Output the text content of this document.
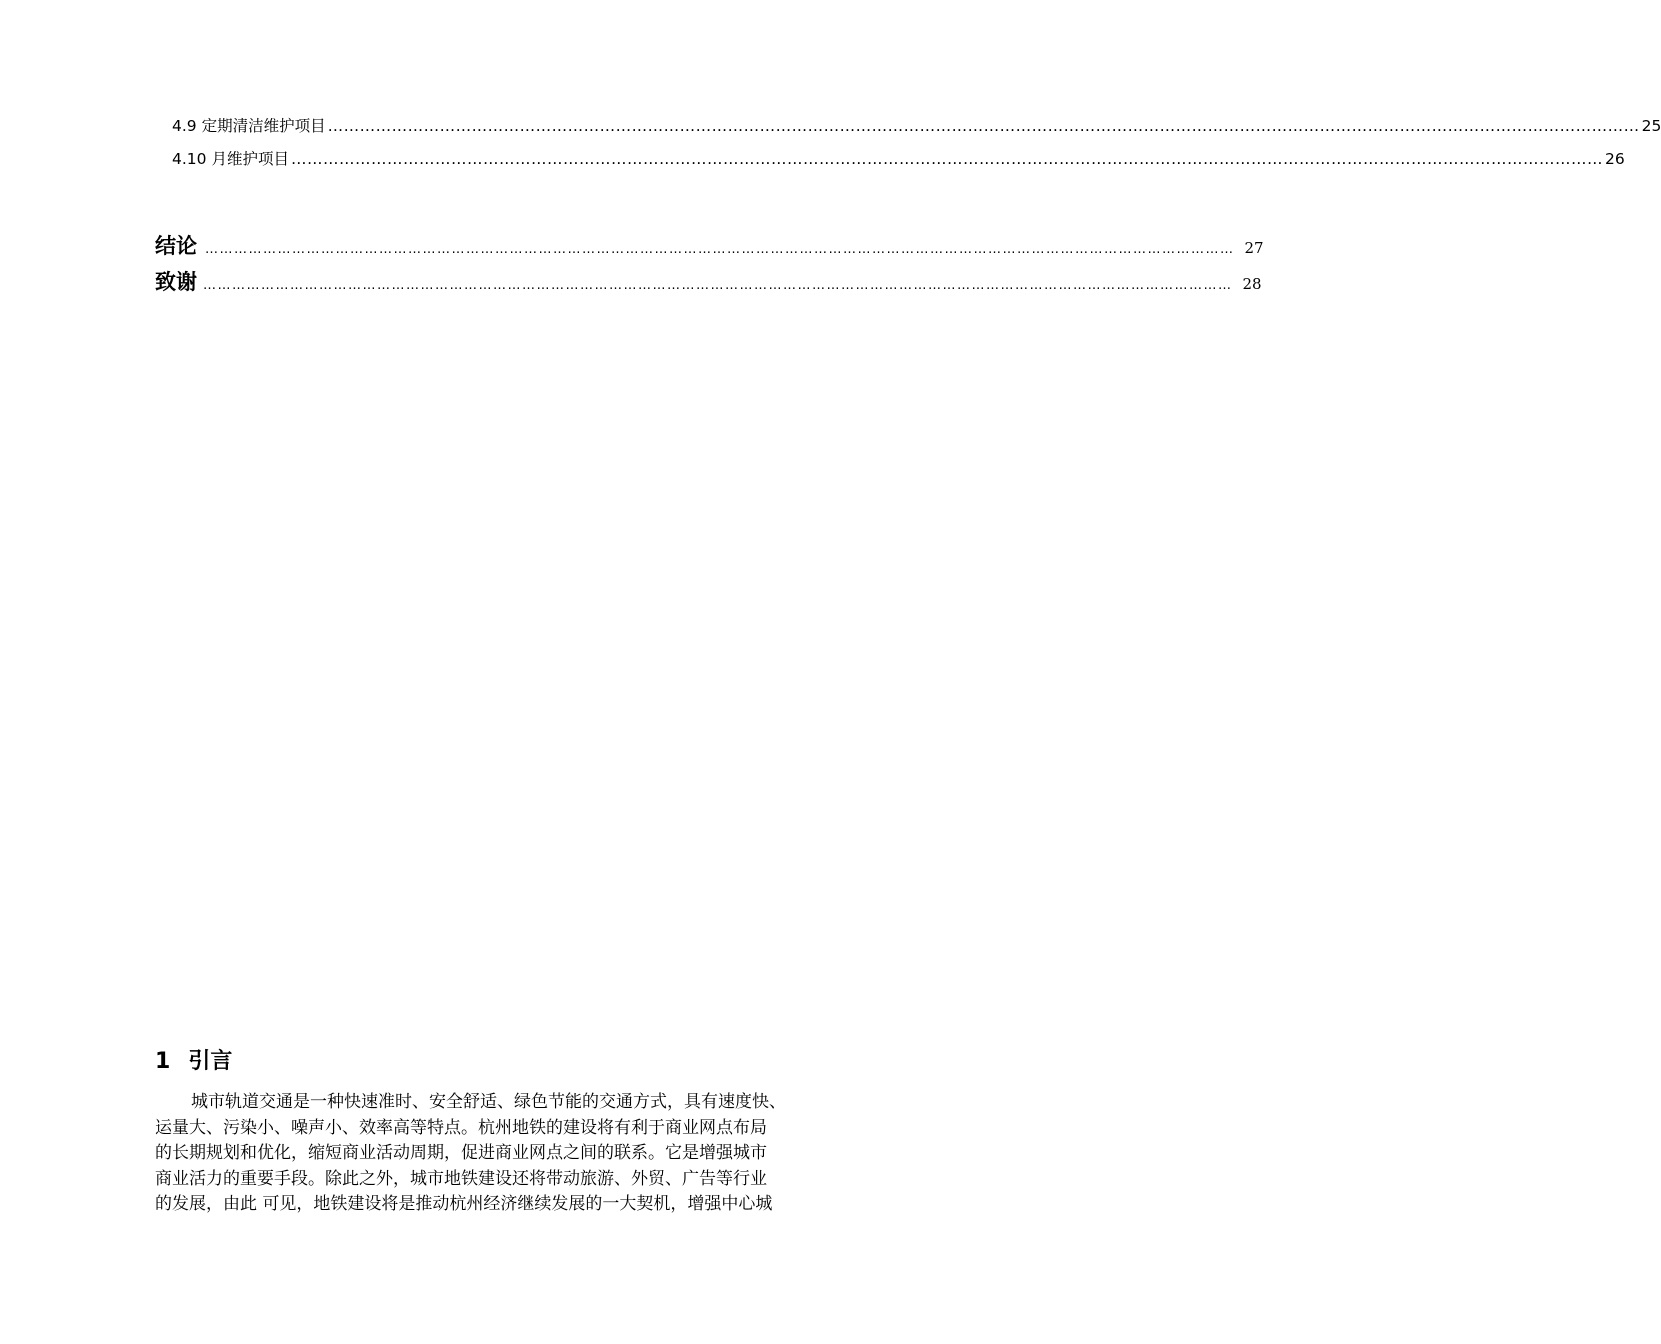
4.9 定期清洁维护项目 ………………………………………………………………………………………………………………………………………………………………………………………………………………………… 25
4.10 月维护项目 ………………………………………………………………………………………………………………………………………………………………………………………………………………………… 26
结论 …………………………………………………………………………………………………………………………………………………………………………………………… 27
致谢 …………………………………………………………………………………………………………………………………………………………………………………………… 28
1 引言
城市轨道交通是一种快速准时、安全舒适、绿色节能的交通方式，具有速度快、
运量大、污染小、噪声小、效率高等特点。杭州地铁的建设将有利于商业网点布局
的长期规划和优化，缩短商业活动周期，促进商业网点之间的联系。它是增强城市
商业活力的重要手段。除此之外，城市地铁建设还将带动旅游、外贸、广告等行业
的发展，由此 可见，地铁建设将是推动杭州经济继续发展的一大契机，增强中心城
